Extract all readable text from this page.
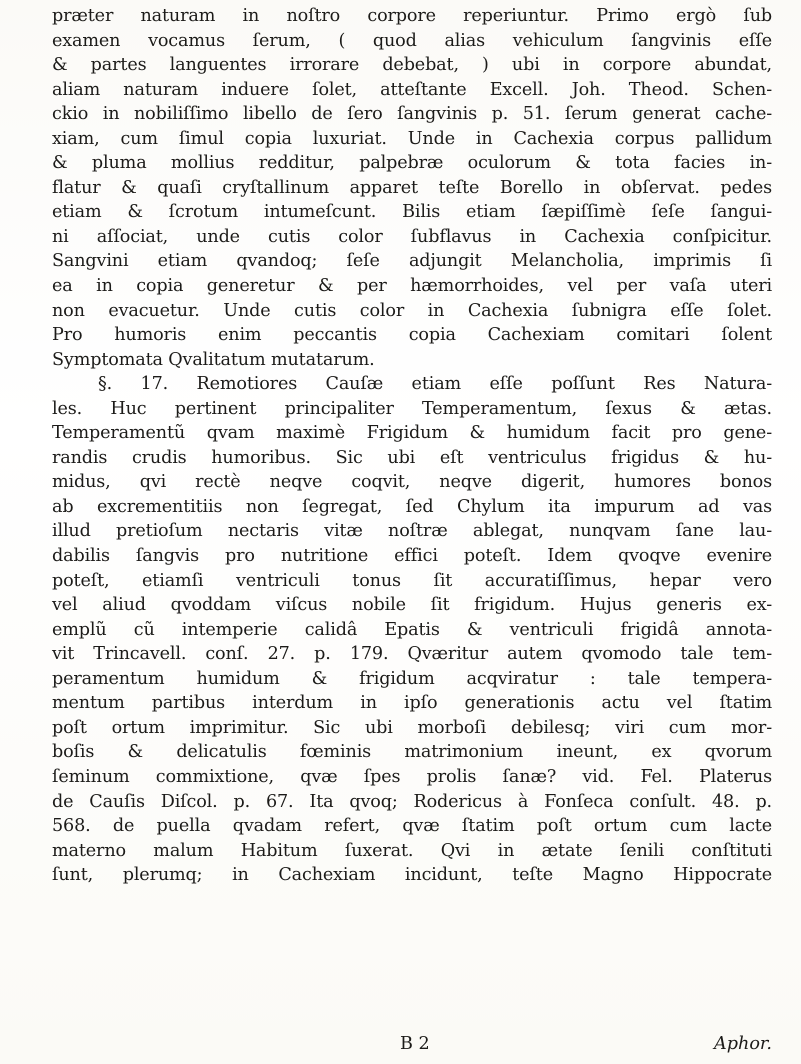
præter naturam in noſtro corpore reperiuntur. Primo ergò ſub
examen vocamus ſerum, ( quod alias vehiculum ſangvinis eſſe
& partes languentes irrorare debebat, ) ubi in corpore abundat,
aliam naturam induere ſolet, atteſtante Excell. Joh. Theod. Schen-
ckio in nobiliſſimo libello de ſero ſangvinis p. 51. ſerum generat cache-
xiam, cum ſimul copia luxuriat. Unde in Cachexia corpus pallidum
& pluma mollius redditur, palpebræ oculorum & tota facies in-
flatur & quaſi cryſtallinum apparet teſte Borello in obſervat. pedes
etiam & ſcrotum intumeſcunt. Bilis etiam ſæpiſſimè ſeſe ſangui-
ni aſſociat, unde cutis color ſubflavus in Cachexia conſpicitur.
Sangvini etiam qvandoq; ſeſe adjungit Melancholia, imprimis ſi
ea in copia generetur & per hæmorrhoides, vel per vaſa uteri
non evacuetur. Unde cutis color in Cachexia ſubnigra eſſe ſolet.
Pro humoris enim peccantis copia Cachexiam comitari ſolent
Symptomata Qvalitatum mutatarum.
§. 17. Remotiores Cauſæ etiam eſſe poſſunt Res Natura-
les. Huc pertinent principaliter Temperamentum, ſexus & ætas.
Temperamentũ qvam maximè Frigidum & humidum facit pro gene-
randis crudis humoribus. Sic ubi eſt ventriculus frigidus & hu-
midus, qvi rectè neqve coqvit, neqve digerit, humores bonos
ab excrementitiis non ſegregat, ſed Chylum ita impurum ad vas
illud pretioſum nectaris vitæ noſtræ ablegat, nunqvam ſane lau-
dabilis ſangvis pro nutritione effici poteſt. Idem qvoqve evenire
poteſt, etiamſi ventriculi tonus ſit accuratiſſimus, hepar vero
vel aliud qvoddam viſcus nobile ſit frigidum. Hujus generis ex-
emplũ cũ intemperie calidâ Epatis & ventriculi frigidâ annota-
vit Trincavell. conſ. 27. p. 179. Qværitur autem qvomodo tale tem-
peramentum humidum & frigidum acqviratur : tale tempera-
mentum partibus interdum in ipſo generationis actu vel ſtatim
poſt ortum imprimitur. Sic ubi morboſi debilesq; viri cum mor-
boſis & delicatulis fœminis matrimonium ineunt, ex qvorum
ſeminum commixtione, qvæ ſpes prolis ſanæ? vid. Fel. Platerus
de Cauſis Diſcol. p. 67. Ita qvoq; Rodericus à Fonſeca conſult. 48. p.
568. de puella qvadam refert, qvæ ſtatim poſt ortum cum lacte
materno malum Habitum ſuxerat. Qvi in ætate ſenili conſtituti
ſunt, plerumq; in Cachexiam incidunt, teſte Magno Hippocrate
B 2	Aphor.
